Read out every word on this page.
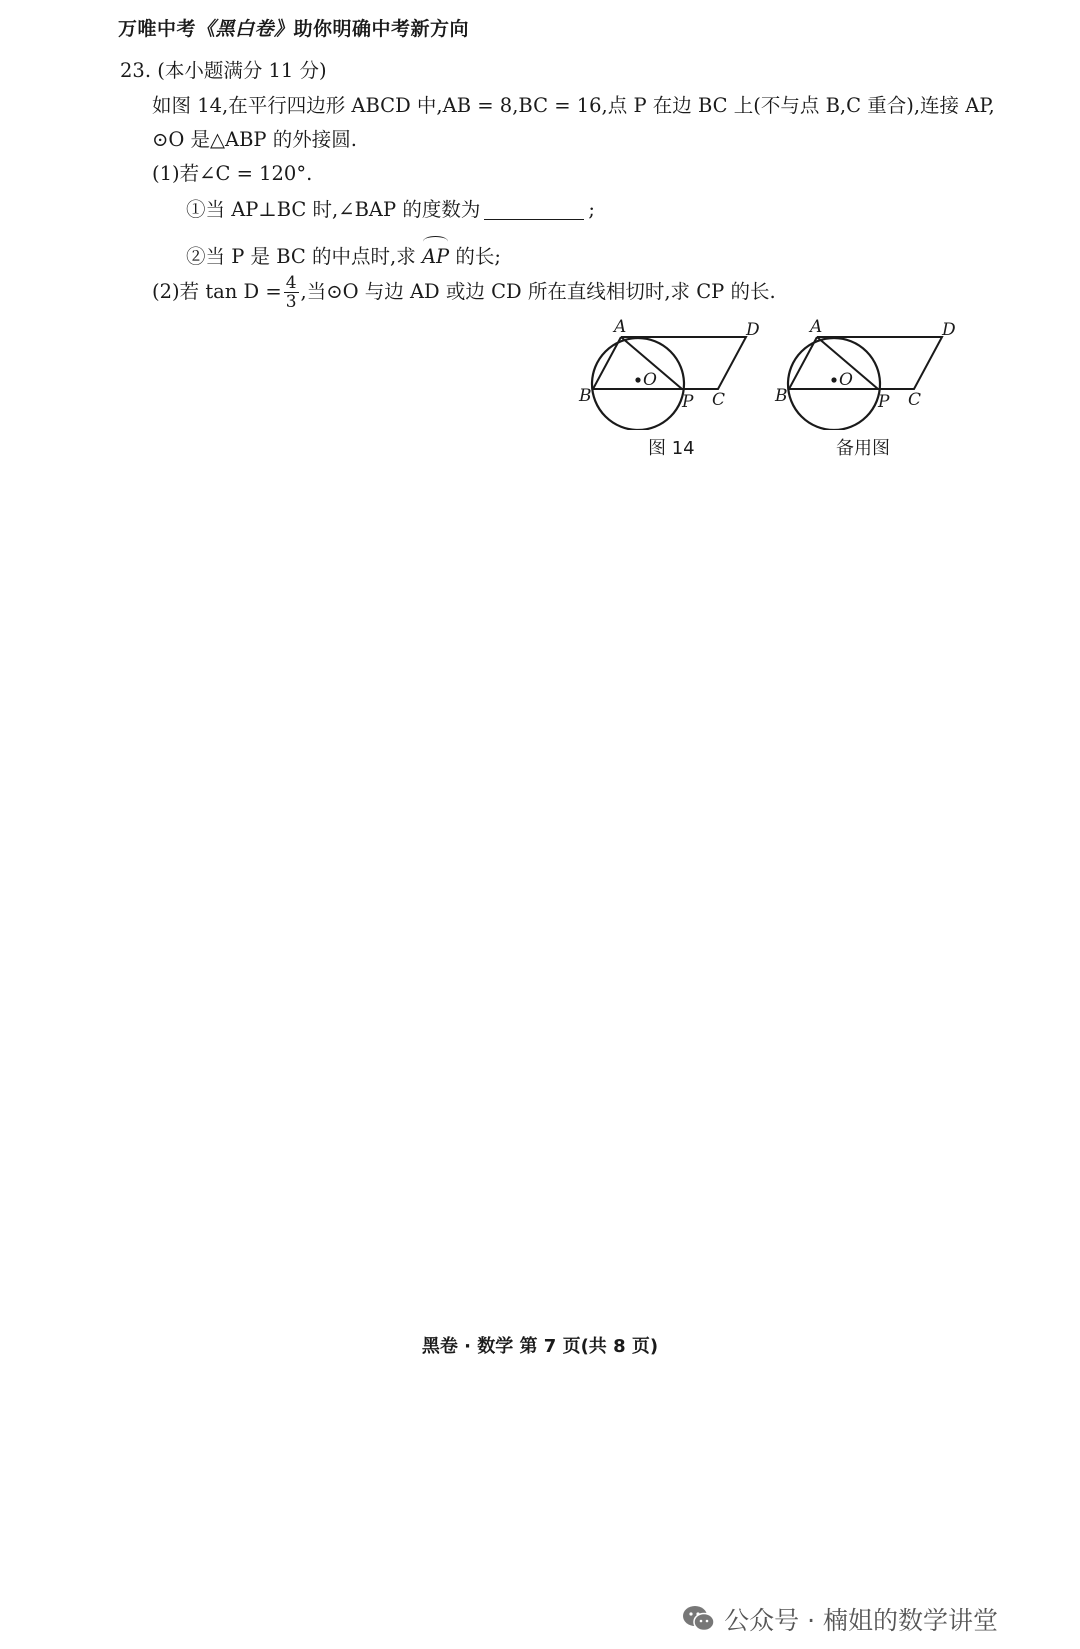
万唯中考《黑白卷》助你明确中考新方向
23. (本小题满分 11 分)
如图 14,在平行四边形 ABCD 中,AB = 8,BC = 16,点 P 在边 BC 上(不与点 B,C 重合),连接 AP,
⊙O 是△ABP 的外接圆.
(1)若∠C = 120°.
①当 AP⊥BC 时,∠BAP 的度数为	;
②当 P 是 BC 的中点时,求 AP 的长;
(2)若 $\tan D = \frac{4}{3}$ ,当⊙O 与边 AD 或边 CD 所在直线相切时,求 CP 的长.
A	D
B	P C
O
图 14
A	D
B	P C
O
备用图
黑卷 · 数学 第 7 页(共 8 页)
公众号 · 楠姐的数学讲堂
